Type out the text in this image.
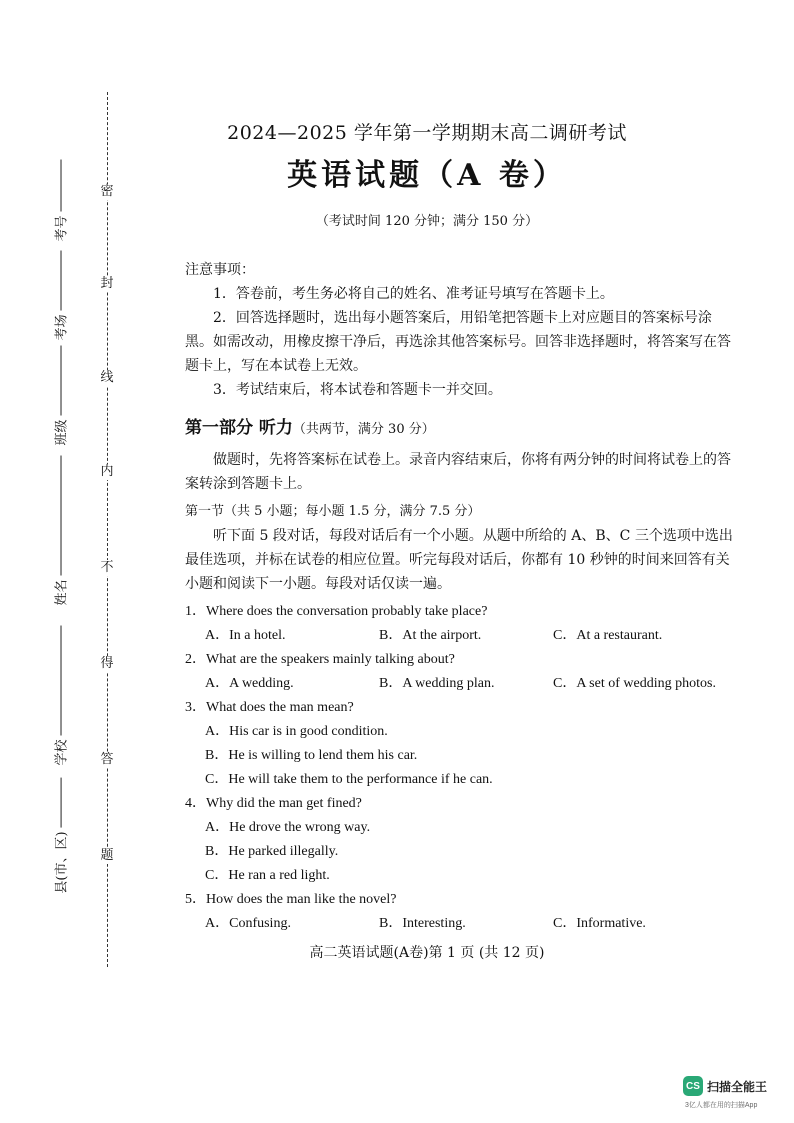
密
封
线
内
不
得
答
题
考号
考场
班级
姓名
学校
县(市、区)
2024—2025 学年第一学期期末高二调研考试
英语试题（A 卷）
（考试时间 120 分钟；满分 150 分）
注意事项：
1．答卷前，考生务必将自己的姓名、准考证号填写在答题卡上。
2．回答选择题时，选出每小题答案后，用铅笔把答题卡上对应题目的答案标号涂黑。如需改动，用橡皮擦干净后，再选涂其他答案标号。回答非选择题时，将答案写在答题卡上，写在本试卷上无效。
3．考试结束后，将本试卷和答题卡一并交回。
第一部分 听力（共两节，满分 30 分）
做题时，先将答案标在试卷上。录音内容结束后，你将有两分钟的时间将试卷上的答案转涂到答题卡上。
第一节（共 5 小题；每小题 1.5 分，满分 7.5 分）
听下面 5 段对话，每段对话后有一个小题。从题中所给的 A、B、C 三个选项中选出最佳选项，并标在试卷的相应位置。听完每段对话后，你都有 10 秒钟的时间来回答有关小题和阅读下一小题。每段对话仅读一遍。
1．Where does the conversation probably take place?
A．In a hotel.	B．At the airport.	C．At a restaurant.
2．What are the speakers mainly talking about?
A．A wedding.	B．A wedding plan.	C．A set of wedding photos.
3．What does the man mean?
A．His car is in good condition.
B．He is willing to lend them his car.
C．He will take them to the performance if he can.
4．Why did the man get fined?
A．He drove the wrong way.
B．He parked illegally.
C．He ran a red light.
5．How does the man like the novel?
A．Confusing.	B．Interesting.	C．Informative.
高二英语试题(A卷)第 1 页 (共 12 页)
CS 扫描全能王
3亿人都在用的扫描App
